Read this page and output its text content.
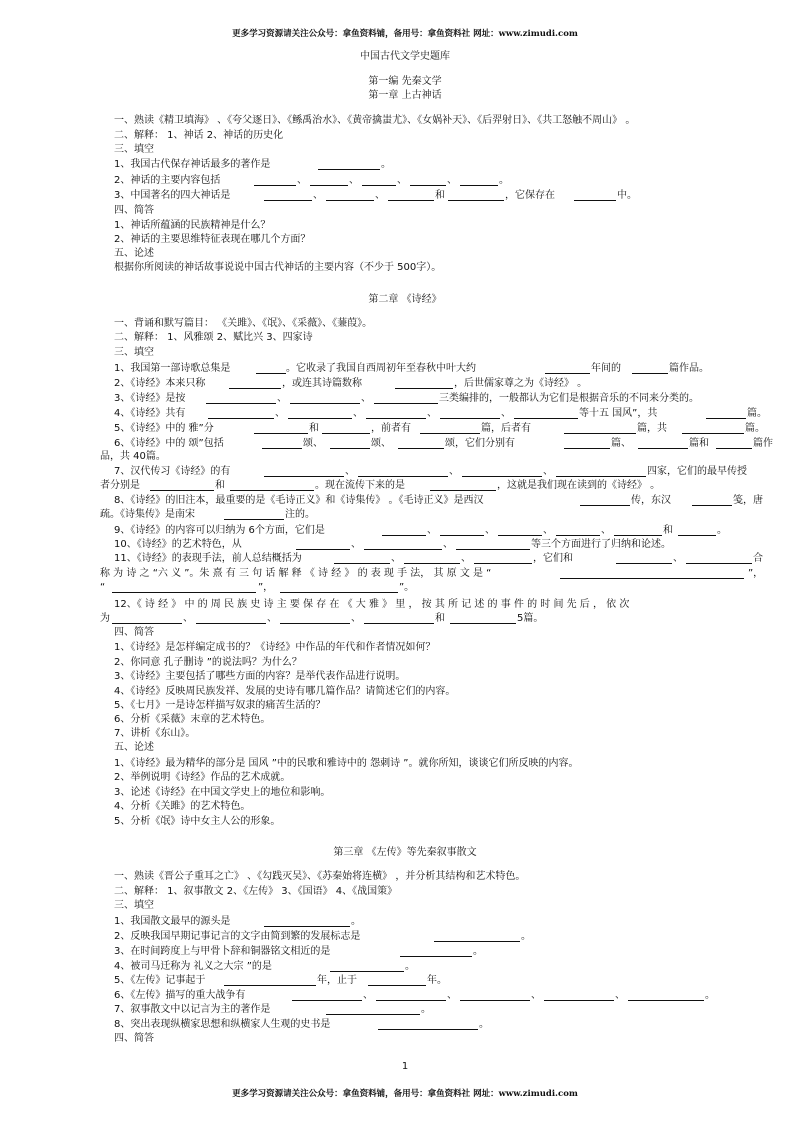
更多学习资源请关注公众号：拿鱼资料铺，备用号：拿鱼资料社 网址：www.zimudi.com
中国古代文学史题库
第一编 先秦文学
第一章 上古神话
一、熟读《精卫填海》 、《夸父逐日》、《鲧禹治水》、《黄帝擒蚩尤》、《女娲补天》、《后羿射日》、《共工怒触不周山》 。
二、解释： 1、神话 2、神话的历史化
三、填空
1、我国古代保存神话最多的著作是	。
2、神话的主要内容包括	、	、	、	、	。
3、中国著名的四大神话是	、	、	和	，它保存在	中。
四、简答
1、神话所蕴涵的民族精神是什么？
2、神话的主要思维特征表现在哪几个方面？
五、论述
根据你所阅读的神话故事说说中国古代神话的主要内容（不少于 500字）。
第二章 《诗经》
一、背诵和默写篇目： 《关雎》、《氓》、《采薇》、《蒹葭》。
二、解释： 1、风雅颂 2、赋比兴 3、四家诗
三、填空
1、我国第一部诗歌总集是	。它收录了我国自西周初年至春秋中叶大约	年间的	篇作品。
2、《诗经》本来只称	，或连其诗篇数称	，后世儒家尊之为《诗经》 。
3、《诗经》是按	、	、	三类编排的，一般都认为它们是根据音乐的不同来分类的。
4、《诗经》共有	、	、	、	、	等十五 国风”，共	篇。
5、《诗经》中的 雅”分	和	，前者有	篇，后者有	篇，共	篇。
6、《诗经》中的 颂”包括	颂、	颂、	颂，它们分别有	篇、	篇和	篇作
品，共 40篇。
7、汉代传习《诗经》的有	、	、	、	四家，它们的最早传授
者分别是	和	。现在流传下来的是	，这就是我们现在读到的《诗经》 。
8、《诗经》的旧注本，最重要的是《毛诗正义》和《诗集传》 。《毛诗正义》是西汉	传，东汉	笺，唐
疏。《诗集传》是南宋	注的。
9、《诗经》的内容可以归纳为 6个方面，它们是	、	、	、	、	和	。
10、《诗经》的艺术特色，从	、	、	等三个方面进行了归纳和论述。
11、《诗经》的表现手法，前人总结概括为	、	、	，它们和	、	合
称 为 诗 之 “六 义 ”。朱 熹 有 三 句 话 解 释 《 诗 经 》 的 表 现 手 法， 其 原 文 是 “	”，
“	”，	”。
12、《 诗 经 》 中 的 周 民 族 史 诗 主 要 保 存 在 《 大 雅 》 里 ， 按 其 所 记 述 的 事 件 的 时 间 先 后 ， 依 次
为	、	、	、	和	5篇。
四、简答
1、《诗经》是怎样编定成书的？《诗经》中作品的年代和作者情况如何？
2、你同意 孔子删诗 ”的说法吗？为什么？
3、《诗经》主要包括了哪些方面的内容？是举代表作品进行说明。
4、《诗经》反映周民族发祥、发展的史诗有哪几篇作品？请简述它们的内容。
5、《七月》一是诗怎样描写奴隶的痛苦生活的？
6、分析《采薇》末章的艺术特色。
7、讲析《东山》。
五、论述
1、《诗经》最为精华的部分是 国风 ”中的民歌和雅诗中的 怨刺诗 ”。就你所知，谈谈它们所反映的内容。
2、举例说明《诗经》作品的艺术成就。
3、论述《诗经》在中国文学史上的地位和影响。
4、分析《关雎》的艺术特色。
5、分析《氓》诗中女主人公的形象。
第三章 《左传》等先秦叙事散文
一、熟读《晋公子重耳之亡》 、《勾践灭吴》、《苏秦始将连横》 ，并分析其结构和艺术特色。
二、解释： 1、叙事散文 2、《左传》 3、《国语》 4、《战国策》
三、填空
1、我国散文最早的源头是	。
2、反映我国早期记事记言的文字由简到繁的发展标志是	。
3、在时间跨度上与甲骨卜辞和铜器铭文相近的是	。
4、被司马迁称为 礼义之大宗 ”的是	。
5、《左传》记事起于	年，止于	年。
6、《左传》描写的重大战争有	、	、	、	、	。
7、叙事散文中以记言为主的著作是	。
8、突出表现纵横家思想和纵横家人生观的史书是	。
四、简答
1
更多学习资源请关注公众号：拿鱼资料铺，备用号：拿鱼资料社 网址：www.zimudi.com
